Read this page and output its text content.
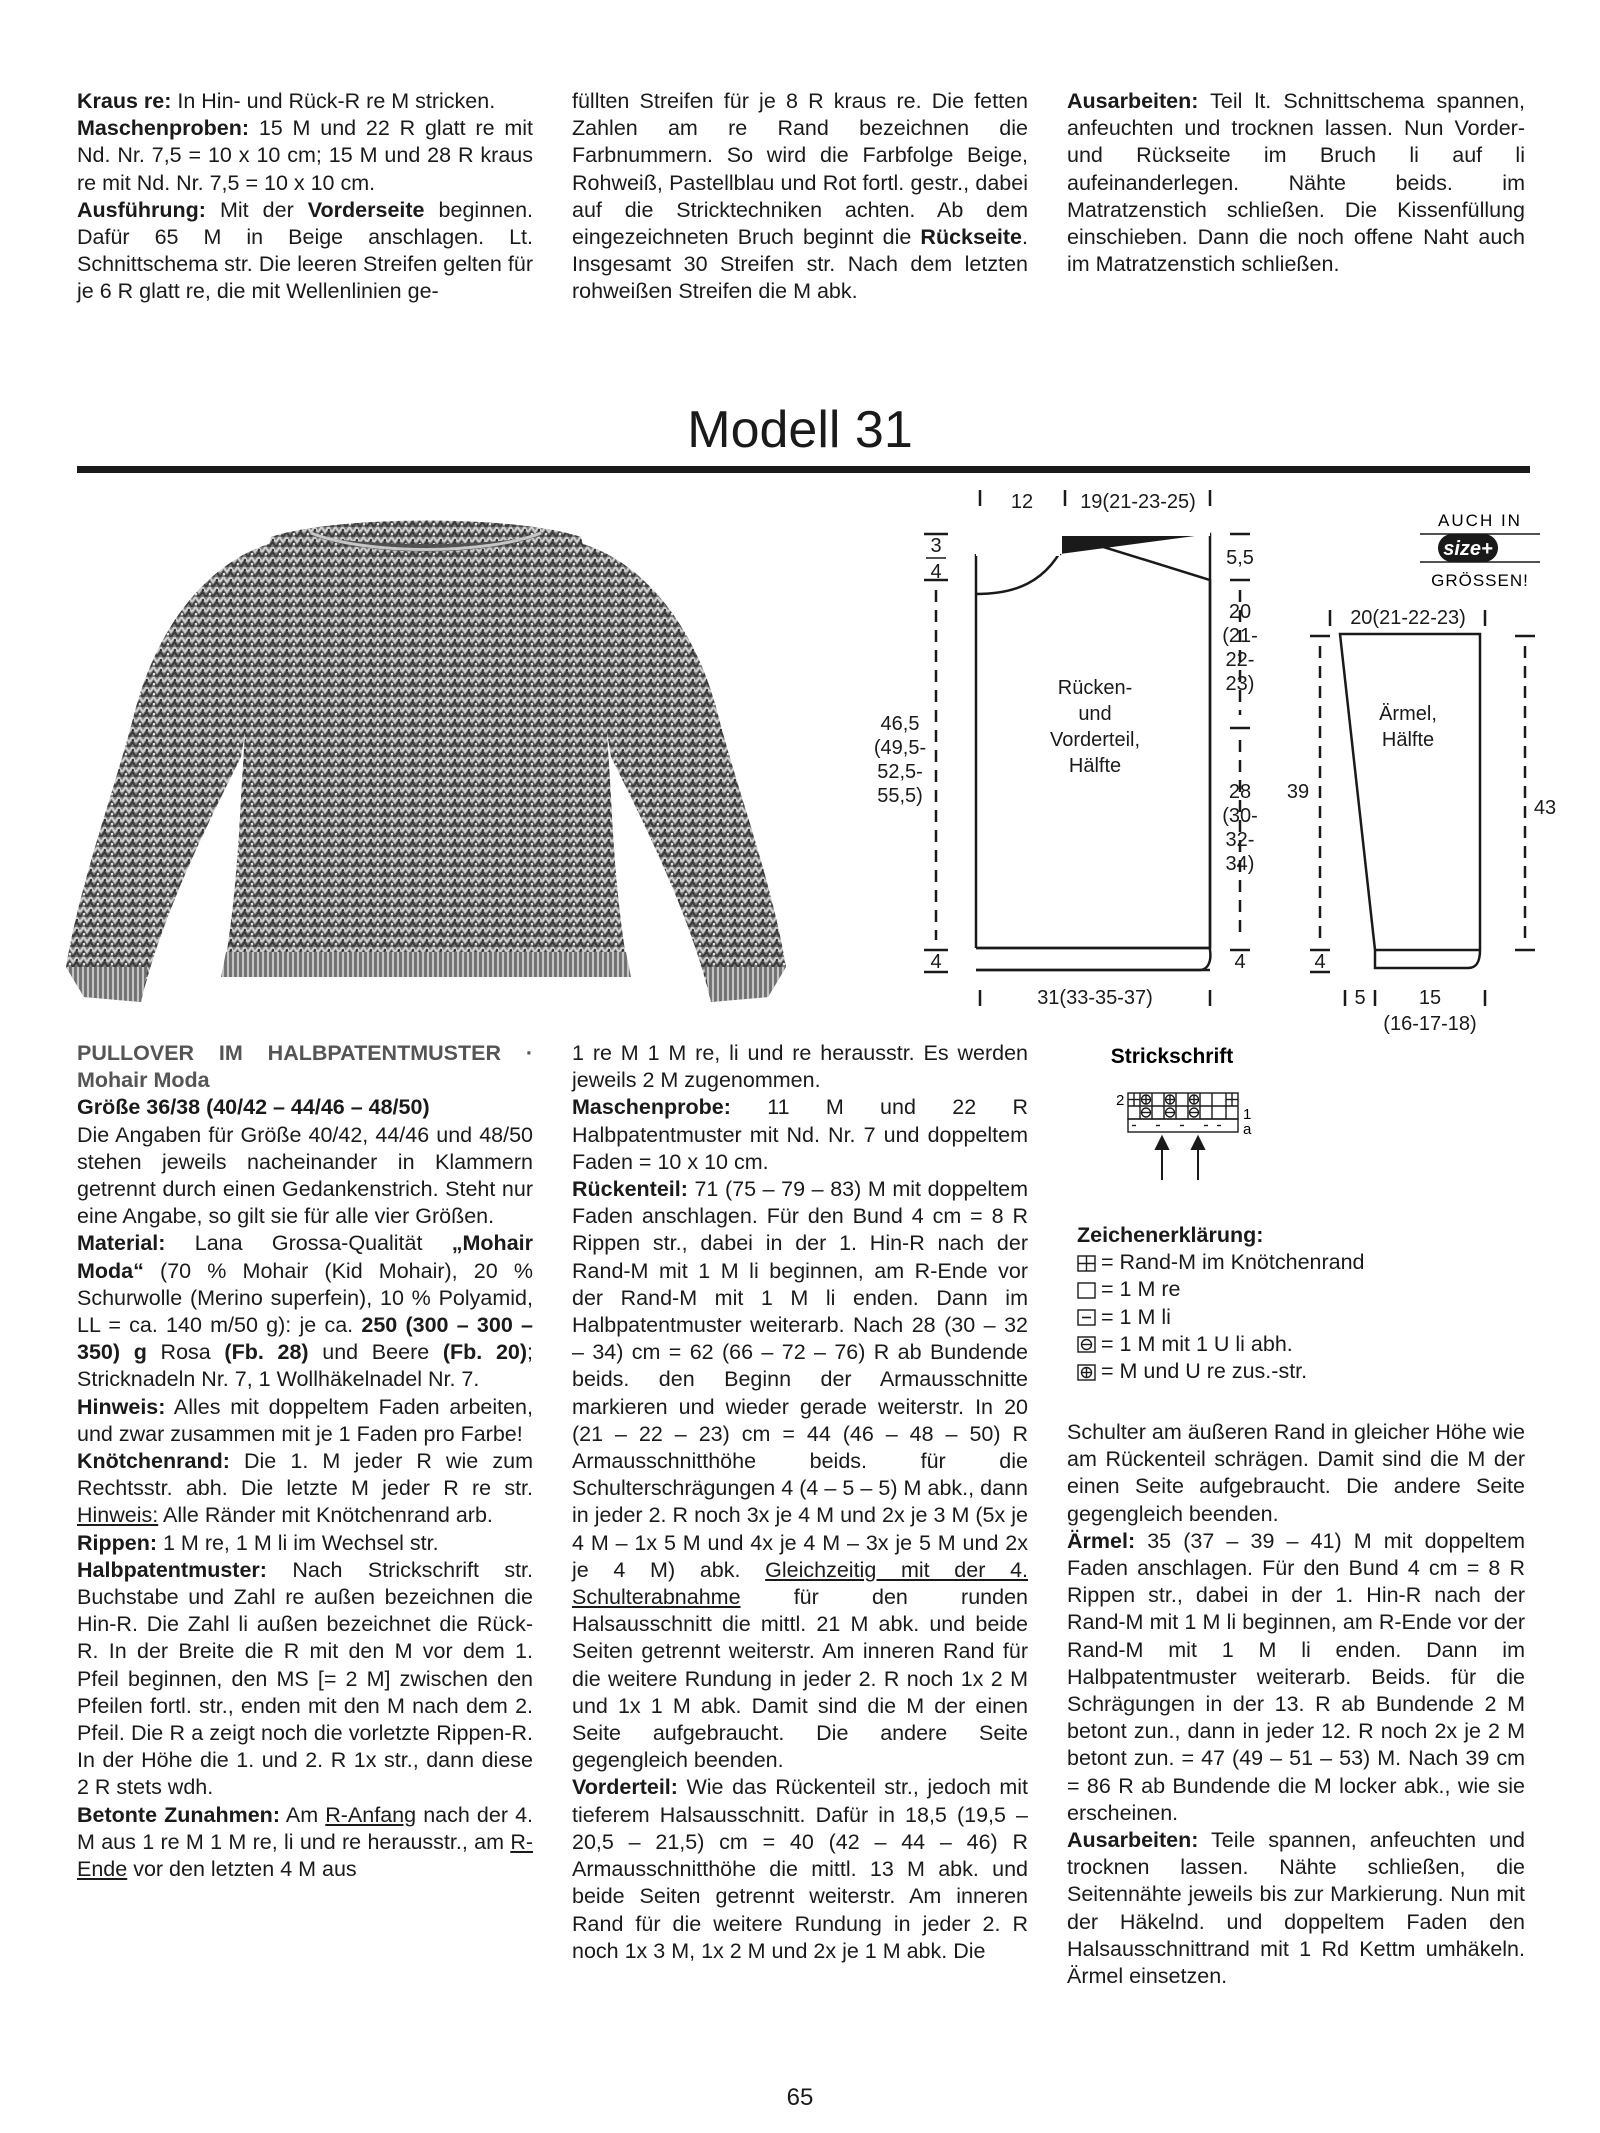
Kraus re: In Hin- und Rück-R re M stricken.

Maschenproben: 15 M und 22 R glatt re mit Nd. Nr. 7,5 = 10 x 10 cm; 15 M und 28 R kraus re mit Nd. Nr. 7,5 = 10 x 10 cm.

Ausführung: Mit der Vorderseite beginnen. Dafür 65 M in Beige anschlagen. Lt. Schnittschema str. Die leeren Streifen gelten für je 6 R glatt re, die mit Wellenlinien ge-

füllten Streifen für je 8 R kraus re. Die fetten Zahlen am re Rand bezeichnen die Farbnummern. So wird die Farbfolge Beige, Rohweiß, Pastellblau und Rot fortl. gestr., dabei auf die Stricktechniken achten. Ab dem eingezeichneten Bruch beginnt die Rückseite. Insgesamt 30 Streifen str. Nach dem letzten rohweißen Streifen die M abk.

Ausarbeiten: Teil lt. Schnittschema spannen, anfeuchten und trocknen lassen. Nun Vorder- und Rückseite im Bruch li auf li aufeinanderlegen. Nähte beids. im Matratzenstich schließen. Die Kissenfüllung einschieben. Dann die noch offene Naht auch im Matratzenstich schließen.

Modell 31
AUCH IN
size+
GRÖSSEN!
12 19(21-23-25)
3
4
5,5
20
(21-
22-
23)
28
(30-
32-
34)
46,5
(49,5-
52,5-
55,5)
Rücken-
und
Vorderteil,
Hälfte
4	4
31(33-35-37)
20(21-22-23)
Ärmel,
Hälfte
39
43
4
5	15
(16-17-18)
Strickschrift
2
1
a
Zeichenerklärung:
= Rand-M im Knötchenrand
= 1 M re
= 1 M li
= 1 M mit 1 U li abh.
= M und U re zus.-str.

PULLOVER IM HALBPATENTMUSTER · Mohair Moda

Größe 36/38 (40/42 – 44/46 – 48/50)

Die Angaben für Größe 40/42, 44/46 und 48/50 stehen jeweils nacheinander in Klammern getrennt durch einen Gedankenstrich. Steht nur eine Angabe, so gilt sie für alle vier Größen.

Material: Lana Grossa-Qualität „Mohair Moda“ (70 % Mohair (Kid Mohair), 20 % Schurwolle (Merino superfein), 10 % Polyamid, LL = ca. 140 m/50 g): je ca. 250 (300 – 300 – 350) g Rosa (Fb. 28) und Beere (Fb. 20); Stricknadeln Nr. 7, 1 Wollhäkelnadel Nr. 7.

Hinweis: Alles mit doppeltem Faden arbeiten, und zwar zusammen mit je 1 Faden pro Farbe!

Knötchenrand: Die 1. M jeder R wie zum Rechtsstr. abh. Die letzte M jeder R re str. Hinweis: Alle Ränder mit Knötchenrand arb.

Rippen: 1 M re, 1 M li im Wechsel str.

Halbpatentmuster: Nach Strickschrift str. Buchstabe und Zahl re außen bezeichnen die Hin-R. Die Zahl li außen bezeichnet die Rück-R. In der Breite die R mit den M vor dem 1. Pfeil beginnen, den MS [= 2 M] zwischen den Pfeilen fortl. str., enden mit den M nach dem 2. Pfeil. Die R a zeigt noch die vorletzte Rippen-R. In der Höhe die 1. und 2. R 1x str., dann diese 2 R stets wdh.

Betonte Zunahmen: Am R-Anfang nach der 4. M aus 1 re M 1 M re, li und re herausstr., am R-Ende vor den letzten 4 M aus

1 re M 1 M re, li und re herausstr. Es werden jeweils 2 M zugenommen.

Maschenprobe: 11 M und 22 R Halbpatentmuster mit Nd. Nr. 7 und doppeltem Faden = 10 x 10 cm.

Rückenteil: 71 (75 – 79 – 83) M mit doppeltem Faden anschlagen. Für den Bund 4 cm = 8 R Rippen str., dabei in der 1. Hin-R nach der Rand-M mit 1 M li beginnen, am R-Ende vor der Rand-M mit 1 M li enden. Dann im Halbpatentmuster weiterarb. Nach 28 (30 – 32 – 34) cm = 62 (66 – 72 – 76) R ab Bundende beids. den Beginn der Armausschnitte markieren und wieder gerade weiterstr. In 20 (21 – 22 – 23) cm = 44 (46 – 48 – 50) R Armausschnitthöhe beids. für die Schulterschrägungen 4 (4 – 5 – 5) M abk., dann in jeder 2. R noch 3x je 4 M und 2x je 3 M (5x je 4 M – 1x 5 M und 4x je 4 M – 3x je 5 M und 2x je 4 M) abk. Gleichzeitig mit der 4. Schulterabnahme für den runden Halsausschnitt die mittl. 21 M abk. und beide Seiten getrennt weiterstr. Am inneren Rand für die weitere Rundung in jeder 2. R noch 1x 2 M und 1x 1 M abk. Damit sind die M der einen Seite aufgebraucht. Die andere Seite gegengleich beenden.

Vorderteil: Wie das Rückenteil str., jedoch mit tieferem Halsausschnitt. Dafür in 18,5 (19,5 – 20,5 – 21,5) cm = 40 (42 – 44 – 46) R Armausschnitthöhe die mittl. 13 M abk. und beide Seiten getrennt weiterstr. Am inneren Rand für die weitere Rundung in jeder 2. R noch 1x 3 M, 1x 2 M und 2x je 1 M abk. Die

Schulter am äußeren Rand in gleicher Höhe wie am Rückenteil schrägen. Damit sind die M der einen Seite aufgebraucht. Die andere Seite gegengleich beenden.

Ärmel: 35 (37 – 39 – 41) M mit doppeltem Faden anschlagen. Für den Bund 4 cm = 8 R Rippen str., dabei in der 1. Hin-R nach der Rand-M mit 1 M li beginnen, am R-Ende vor der Rand-M mit 1 M li enden. Dann im Halbpatentmuster weiterarb. Beids. für die Schrägungen in der 13. R ab Bundende 2 M betont zun., dann in jeder 12. R noch 2x je 2 M betont zun. = 47 (49 – 51 – 53) M. Nach 39 cm = 86 R ab Bundende die M locker abk., wie sie erscheinen.

Ausarbeiten: Teile spannen, anfeuchten und trocknen lassen. Nähte schließen, die Seitennähte jeweils bis zur Markierung. Nun mit der Häkelnd. und doppeltem Faden den Halsausschnittrand mit 1 Rd Kettm umhäkeln. Ärmel einsetzen.

65
